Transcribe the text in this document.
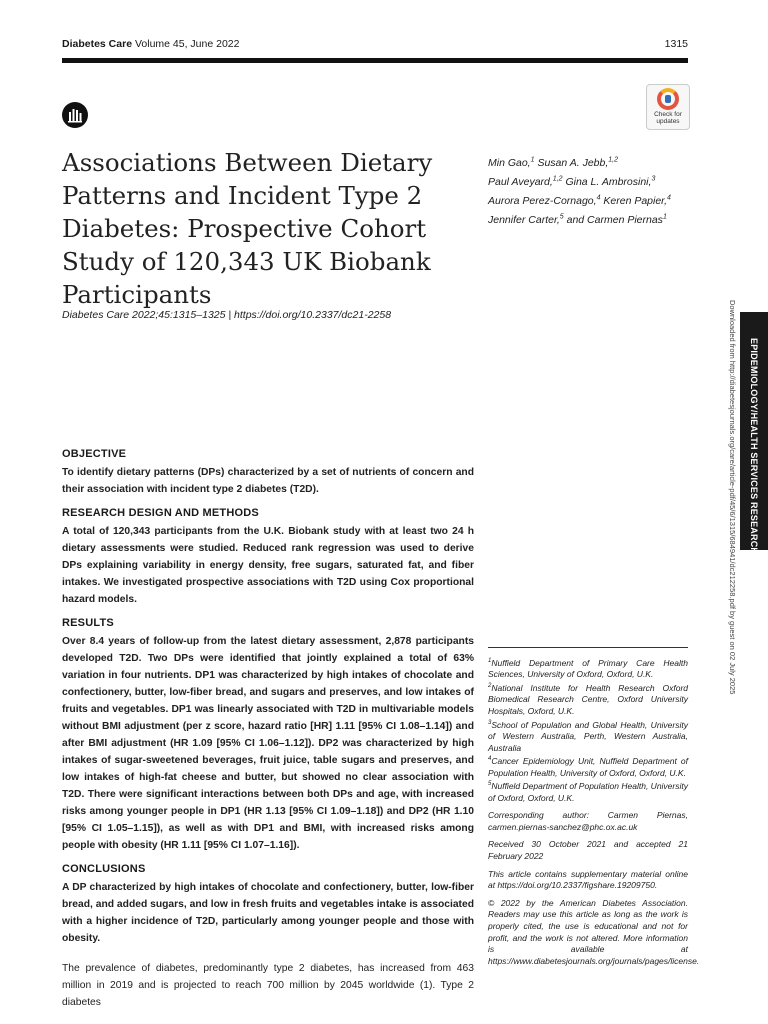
Diabetes Care Volume 45, June 2022	1315
Check for
updates
Associations Between Dietary Patterns and Incident Type 2 Diabetes: Prospective Cohort Study of 120,343 UK Biobank Participants
Diabetes Care 2022;45:1315–1325 | https://doi.org/10.2337/dc21-2258
Min Gao,$^1$ Susan A. Jebb,$^{1,2}$
Paul Aveyard,$^{1,2}$ Gina L. Ambrosini,$^3$
Aurora Perez-Cornago,$^4$ Keren Papier,$^4$
Jennifer Carter,$^5$ and Carmen Piernas$^1$
Downloaded from http://diabetesjournals.org/care/article-pdf/45/6/1315/684941/dc212258.pdf by guest on 02 July 2025 EPIDEMIOLOGY/HEALTH SERVICES RESEARCH
OBJECTIVE

To identify dietary patterns (DPs) characterized by a set of nutrients of concern and their association with incident type 2 diabetes (T2D).

RESEARCH DESIGN AND METHODS

A total of 120,343 participants from the U.K. Biobank study with at least two 24 h dietary assessments were studied. Reduced rank regression was used to derive DPs explaining variability in energy density, free sugars, saturated fat, and fiber intakes. We investigated prospective associations with T2D using Cox proportional hazard models.

RESULTS

Over 8.4 years of follow-up from the latest dietary assessment, 2,878 participants developed T2D. Two DPs were identified that jointly explained a total of 63% variation in four nutrients. DP1 was characterized by high intakes of chocolate and confectionery, butter, low-fiber bread, and sugars and preserves, and low intakes of fruits and vegetables. DP1 was linearly associated with T2D in multivariable models without BMI adjustment (per z score, hazard ratio [HR] 1.11 [95% CI 1.08–1.14]) and after BMI adjustment (HR 1.09 [95% CI 1.06–1.12]). DP2 was characterized by high intakes of sugar-sweetened beverages, fruit juice, table sugars and preserves, and low intakes of high-fat cheese and butter, but showed no clear association with T2D. There were significant interactions between both DPs and age, with increased risks among younger people in DP1 (HR 1.13 [95% CI 1.09–1.18]) and DP2 (HR 1.10 [95% CI 1.05–1.15]), as well as with DP1 and BMI, with increased risks among people with obesity (HR 1.11 [95% CI 1.07–1.16]).

CONCLUSIONS

A DP characterized by high intakes of chocolate and confectionery, butter, low-fiber bread, and added sugars, and low in fresh fruits and vegetables intake is associated with a higher incidence of T2D, particularly among younger people and those with obesity.

The prevalence of diabetes, predominantly type 2 diabetes, has increased from 463 million in 2019 and is projected to reach 700 million by 2045 worldwide (1). Type 2 diabetes

$^1$Nuffield Department of Primary Care Health Sciences, University of Oxford, Oxford, U.K.

$^2$National Institute for Health Research Oxford Biomedical Research Centre, Oxford University Hospitals, Oxford, U.K.

$^3$School of Population and Global Health, University of Western Australia, Perth, Western Australia, Australia

$^4$Cancer Epidemiology Unit, Nuffield Department of Population Health, University of Oxford, Oxford, U.K.

$^5$Nuffield Department of Population Health, University of Oxford, Oxford, U.K.

Corresponding author: Carmen Piernas, carmen.piernas-sanchez@phc.ox.ac.uk

Received 30 October 2021 and accepted 21 February 2022

This article contains supplementary material online at https://doi.org/10.2337/figshare.19209750.

© 2022 by the American Diabetes Association. Readers may use this article as long as the work is properly cited, the use is educational and not for profit, and the work is not altered. More information is available at https://www.diabetesjournals.org/journals/pages/license.
